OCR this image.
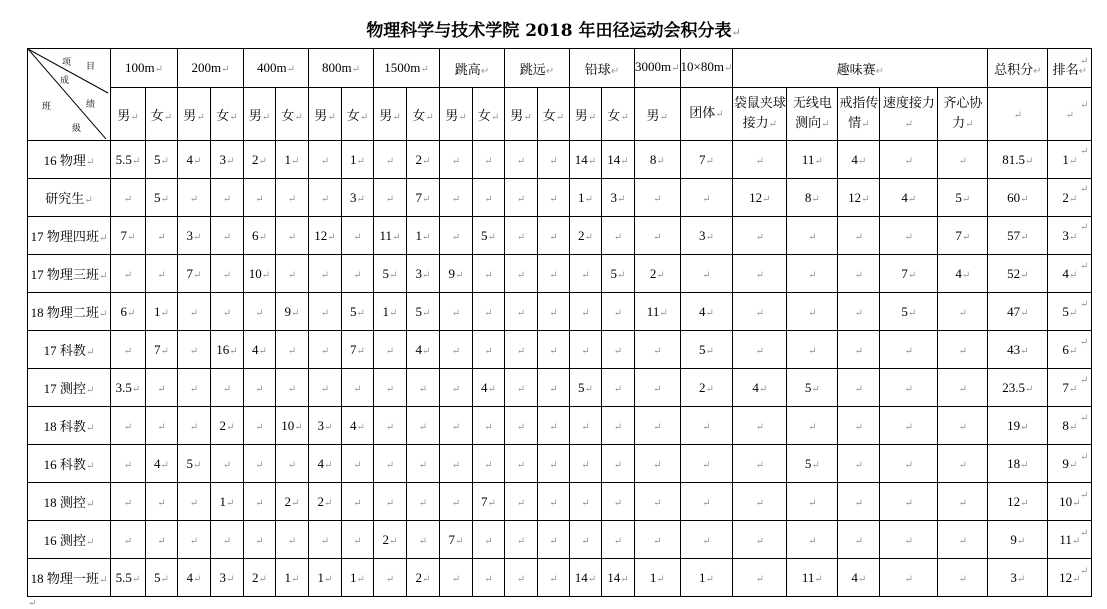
物理科学与技术学院 2018 年田径运动会积分表↵
项 目
成
绩
班
級
	100m↵	200m↵	400m↵	800m↵	1500m↵	跳高↵	跳远↵	铅球↵	3000m↵	10×80m↵	趣味赛↵	总积分↵	排名↵
	男↵	女↵	男↵	女↵	男↵	女↵	男↵	女↵	男↵	女↵	男↵	女↵	男↵	女↵	男↵	女↵	男↵	团体↵	袋鼠夹球接力↵	无线电测向↵	戒指传情↵	速度接力↵	齐心协力↵	↵	↵
16 物理↵	5.5↵	5↵	4↵	3↵	2↵	1↵	↵	1↵	↵	2↵	↵	↵	↵	↵	14↵	14↵	8↵	7↵	↵	11↵	4↵	↵	↵	81.5↵	1↵
研究生↵	↵	5↵	↵	↵	↵	↵	↵	3↵	↵	7↵	↵	↵	↵	↵	1↵	3↵	↵	↵	12↵	8↵	12↵	4↵	5↵	60↵	2↵
17 物理四班↵	7↵	↵	3↵	↵	6↵	↵	12↵	↵	11↵	1↵	↵	5↵	↵	↵	2↵	↵	↵	3↵	↵	↵	↵	↵	7↵	57↵	3↵
17 物理三班↵	↵	↵	7↵	↵	10↵	↵	↵	↵	5↵	3↵	9↵	↵	↵	↵	↵	5↵	2↵	↵	↵	↵	↵	7↵	4↵	52↵	4↵
18 物理二班↵	6↵	1↵	↵	↵	↵	9↵	↵	5↵	1↵	5↵	↵	↵	↵	↵	↵	↵	11↵	4↵	↵	↵	↵	5↵	↵	47↵	5↵
17 科教↵	↵	7↵	↵	16↵	4↵	↵	↵	7↵	↵	4↵	↵	↵	↵	↵	↵	↵	↵	5↵	↵	↵	↵	↵	↵	43↵	6↵
17 测控↵	3.5↵	↵	↵	↵	↵	↵	↵	↵	↵	↵	↵	4↵	↵	↵	5↵	↵	↵	2↵	4↵	5↵	↵	↵	↵	23.5↵	7↵
18 科教↵	↵	↵	↵	2↵	↵	10↵	3↵	4↵	↵	↵	↵	↵	↵	↵	↵	↵	↵	↵	↵	↵	↵	↵	↵	19↵	8↵
16 科教↵	↵	4↵	5↵	↵	↵	↵	4↵	↵	↵	↵	↵	↵	↵	↵	↵	↵	↵	↵	↵	5↵	↵	↵	↵	18↵	9↵
18 测控↵	↵	↵	↵	1↵	↵	2↵	2↵	↵	↵	↵	↵	7↵	↵	↵	↵	↵	↵	↵	↵	↵	↵	↵	↵	12↵	10↵
16 测控↵	↵	↵	↵	↵	↵	↵	↵	↵	2↵	↵	7↵	↵	↵	↵	↵	↵	↵	↵	↵	↵	↵	↵	↵	9↵	11↵
18 物理一班↵	5.5↵	5↵	4↵	3↵	2↵	1↵	1↵	1↵	↵	2↵	↵	↵	↵	↵	14↵	14↵	1↵	1↵	↵	11↵	4↵	↵	↵	3↵	12↵
↵
↵
↵
↵
↵
↵
↵
↵
↵
↵
↵
↵
↵
↵
↵
